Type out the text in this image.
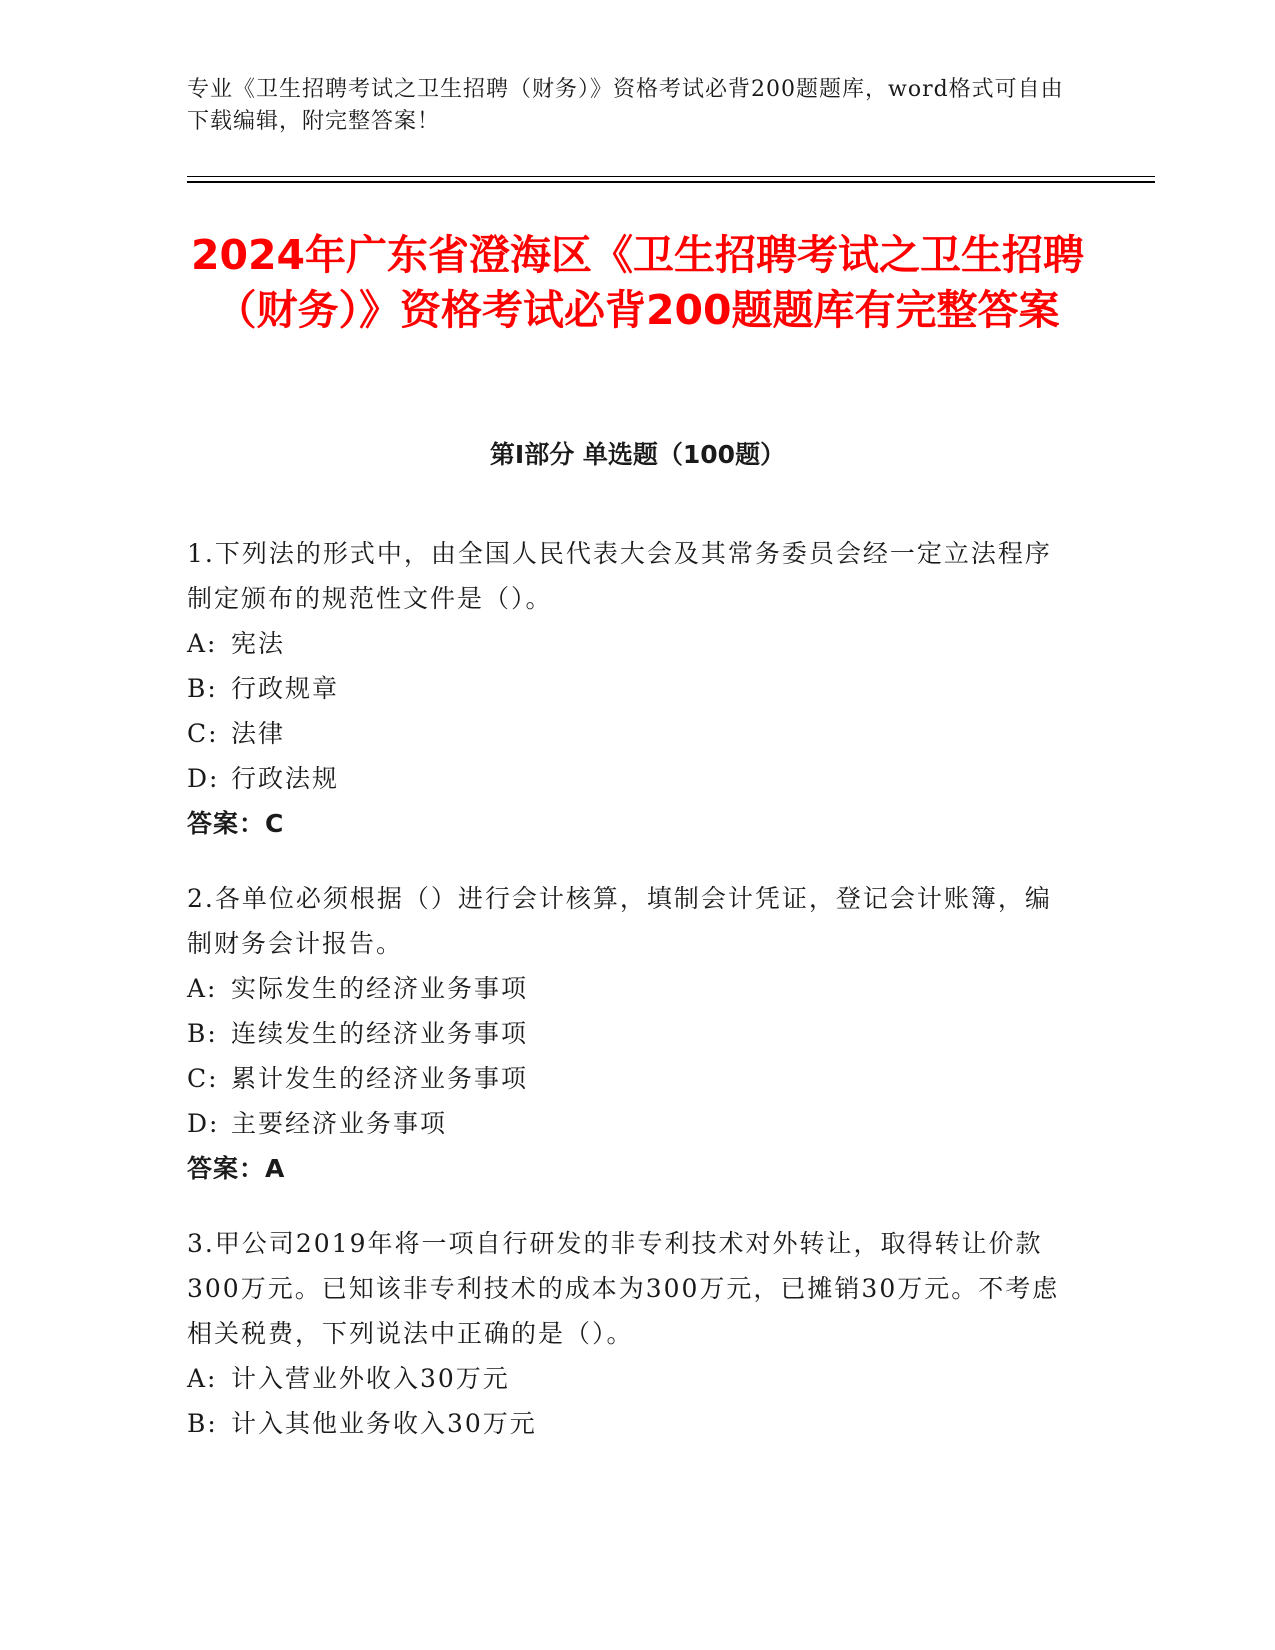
专业《卫生招聘考试之卫生招聘（财务）》资格考试必背200题题库，word格式可自由下载编辑，附完整答案！
2024年广东省澄海区《卫生招聘考试之卫生招聘（财务）》资格考试必背200题题库有完整答案
第I部分 单选题（100题）

1.下列法的形式中，由全国人民代表大会及其常务委员会经一定立法程序制定颁布的规范性文件是（）。

A: 宪法
B: 行政规章
C: 法律
D: 行政法规
答案：C

2.各单位必须根据（）进行会计核算，填制会计凭证，登记会计账簿，编制财务会计报告。

A: 实际发生的经济业务事项
B: 连续发生的经济业务事项
C: 累计发生的经济业务事项
D: 主要经济业务事项
答案：A

3.甲公司2019年将一项自行研发的非专利技术对外转让，取得转让价款300万元。已知该非专利技术的成本为300万元，已摊销30万元。不考虑相关税费，下列说法中正确的是（）。

A: 计入营业外收入30万元
B: 计入其他业务收入30万元
